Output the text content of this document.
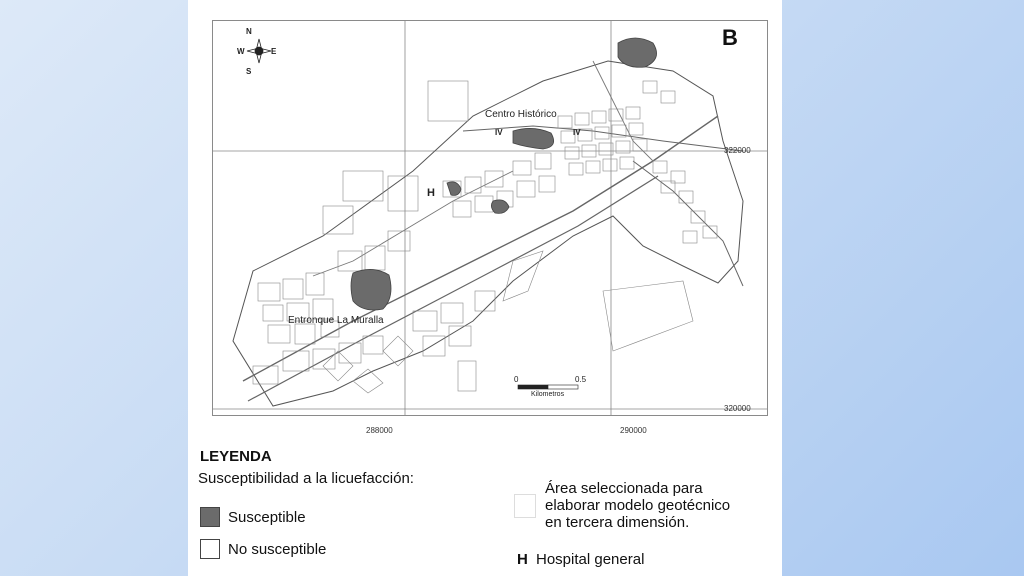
N
S
E
W
B
Centro Histórico
IV	IV
H
Entronque La Muralla
0	0.5
Kilometros
288000	290000
322000
320000
LEYENDA
Susceptibilidad a la licuefacción:
Susceptible
No susceptible
Área seleccionada para
elaborar modelo geotécnico
en tercera dimensión.
H Hospital general
